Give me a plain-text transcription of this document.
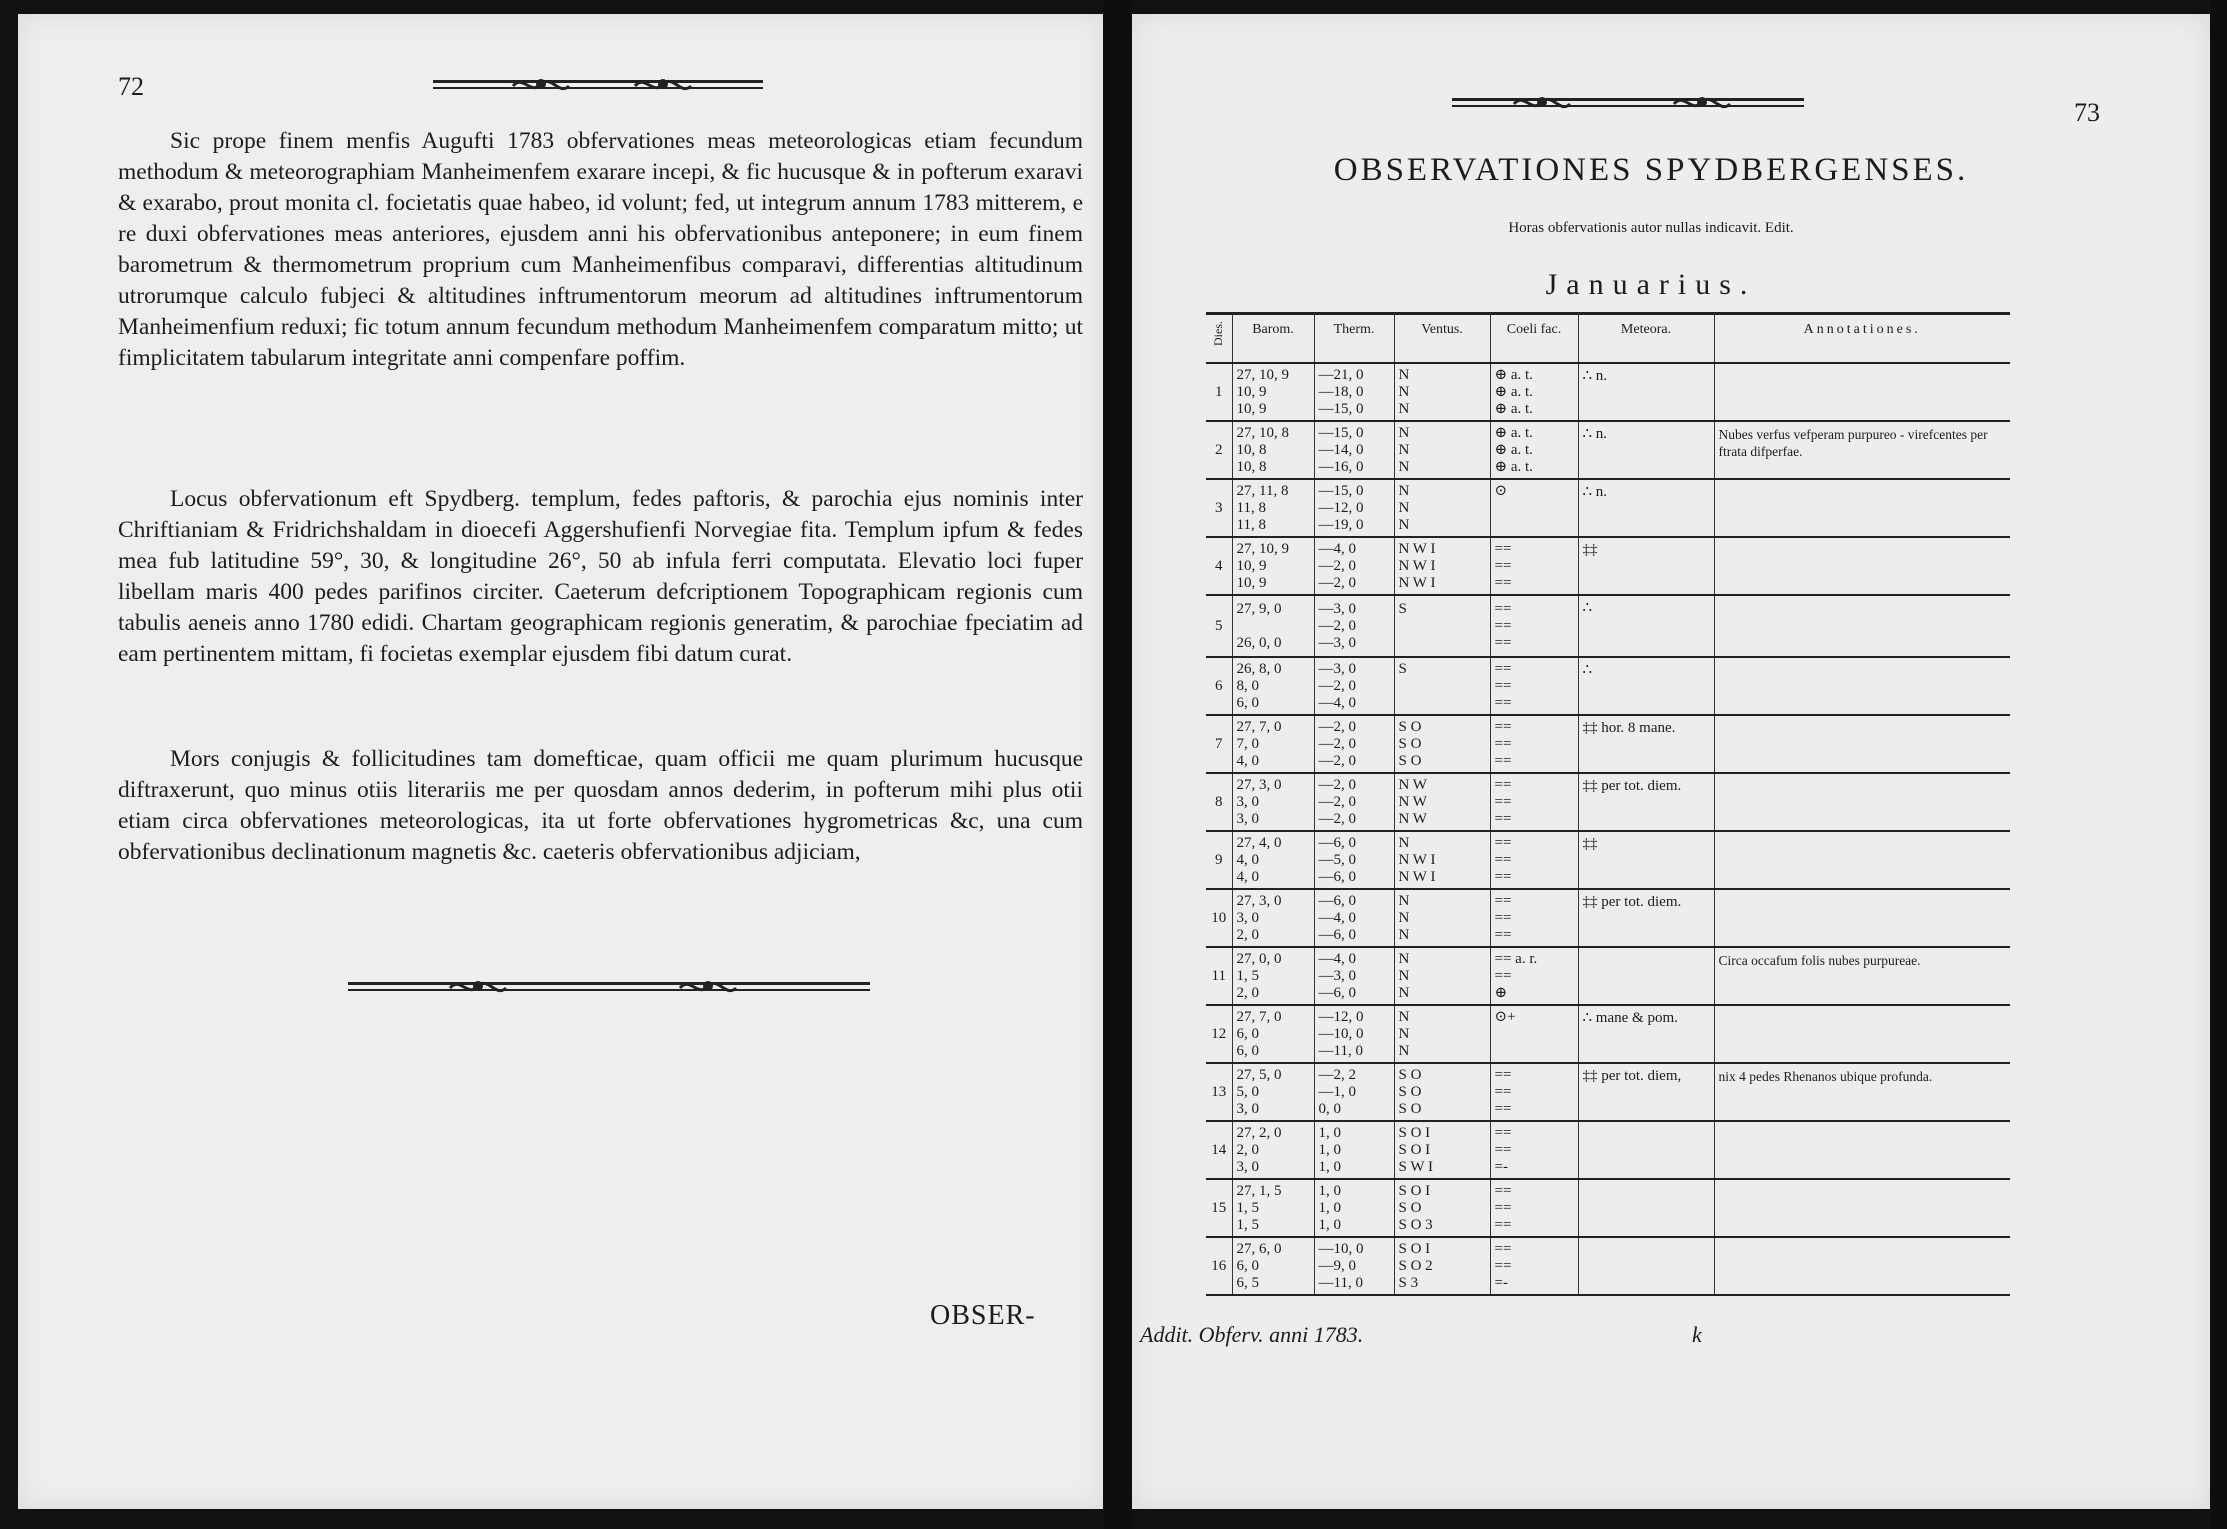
72

Sic prope finem menfis Augufti 1783 obfervationes meas meteorologicas etiam fecundum methodum & meteorographiam Manheimenfem exarare incepi, & fic hucusque & in pofterum exaravi & exarabo, prout monita cl. focietatis quae habeo, id volunt; fed, ut integrum annum 1783 mitterem, e re duxi obfervationes meas anteriores, ejusdem anni his obfervationibus anteponere; in eum finem barometrum & thermometrum proprium cum Manheimenfibus comparavi, differentias altitudinum utrorumque calculo fubjeci & altitudines inftrumentorum meorum ad altitudines inftrumentorum Manheimenfium reduxi; fic totum annum fecundum methodum Manheimenfem comparatum mitto; ut fimplicitatem tabularum integritate anni compenfare poffim.

Locus obfervationum eft Spydberg. templum, fedes paftoris, & parochia ejus nominis inter Chriftianiam & Fridrichshaldam in dioecefi Aggershufienfi Norvegiae fita. Templum ipfum & fedes mea fub latitudine 59°, 30, & longitudine 26°, 50 ab infula ferri computata. Elevatio loci fuper libellam maris 400 pedes parifinos circiter. Caeterum defcriptionem Topographicam regionis cum tabulis aeneis anno 1780 edidi. Chartam geographicam regionis generatim, & parochiae fpeciatim ad eam pertinentem mittam, fi focietas exemplar ejusdem fibi datum curat.

Mors conjugis & follicitudines tam domefticae, quam officii me quam plurimum hucusque diftraxerunt, quo minus otiis literariis me per quosdam annos dederim, in pofterum mihi plus otii etiam circa obfervationes meteorologicas, ita ut forte obfervationes hygrometricas &c, una cum obfervationibus declinationum magnetis &c. caeteris obfervationibus adjiciam,

OBSER-
73
OBSERVATIONES SPYDBERGENSES.
Horas obfervationis autor nullas indicavit. Edit.
Januarius.
Dies.	Barom.	Therm.	Ventus.	Coeli fac.	Meteora.	Annotationes.
1	27, 10, 9
10, 9
10, 9	—21, 0
—18, 0
—15, 0	N
N
N	⊕ a. t.
⊕ a. t.
⊕ a. t.	∴ n.	
2	27, 10, 8
10, 8
10, 8	—15, 0
—14, 0
—16, 0	N
N
N	⊕ a. t.
⊕ a. t.
⊕ a. t.	∴ n.	Nubes verfus vefperam purpureo - virefcentes per ftrata difperfae.
3	27, 11, 8
11, 8
11, 8	—15, 0
—12, 0
—19, 0	N
N
N	⊙	∴ n.	
4	27, 10, 9
10, 9
10, 9	—4, 0
—2, 0
—2, 0	N W I
N W I
N W I	==
==
==	‡‡	
5	27, 9, 0
26, 0, 0	—3, 0
—2, 0
—3, 0	S	==
==
==	∴	
6	26, 8, 0
8, 0
6, 0	—3, 0
—2, 0
—4, 0	S	==
==
==	∴	
7	27, 7, 0
7, 0
4, 0	—2, 0
—2, 0
—2, 0	S O
S O
S O	==
==
==	‡‡ hor. 8 mane.	
8	27, 3, 0
3, 0
3, 0	—2, 0
—2, 0
—2, 0	N W
N W
N W	==
==
==	‡‡ per tot. diem.	
9	27, 4, 0
4, 0
4, 0	—6, 0
—5, 0
—6, 0	N
N W I
N W I	==
==
==	‡‡	
10	27, 3, 0
3, 0
2, 0	—6, 0
—4, 0
—6, 0	N
N
N	==
==
==	‡‡ per tot. diem.	
11	27, 0, 0
1, 5
2, 0	—4, 0
—3, 0
—6, 0	N
N
N	== a. r.
==
⊕		Circa occafum folis nubes purpureae.
12	27, 7, 0
6, 0
6, 0	—12, 0
—10, 0
—11, 0	N
N
N	⊙+	∴ mane & pom.	
13	27, 5, 0
5, 0
3, 0	—2, 2
—1, 0
0, 0	S O
S O
S O	==
==
==	‡‡ per tot. diem,	nix 4 pedes Rhenanos ubique profunda.
14	27, 2, 0
2, 0
3, 0	1, 0
1, 0
1, 0	S O I
S O I
S W I	==
==
=-		

15	27, 1, 5
1, 5
1, 5	1, 0
1, 0
1, 0	S O I
S O
S O 3	==
==
==		

16	27, 6, 0
6, 0
6, 5	—10, 0
—9, 0
—11, 0	S O I
S O 2
S 3	==
==
=-		

Addit. Obferv. anni 1783.	k
